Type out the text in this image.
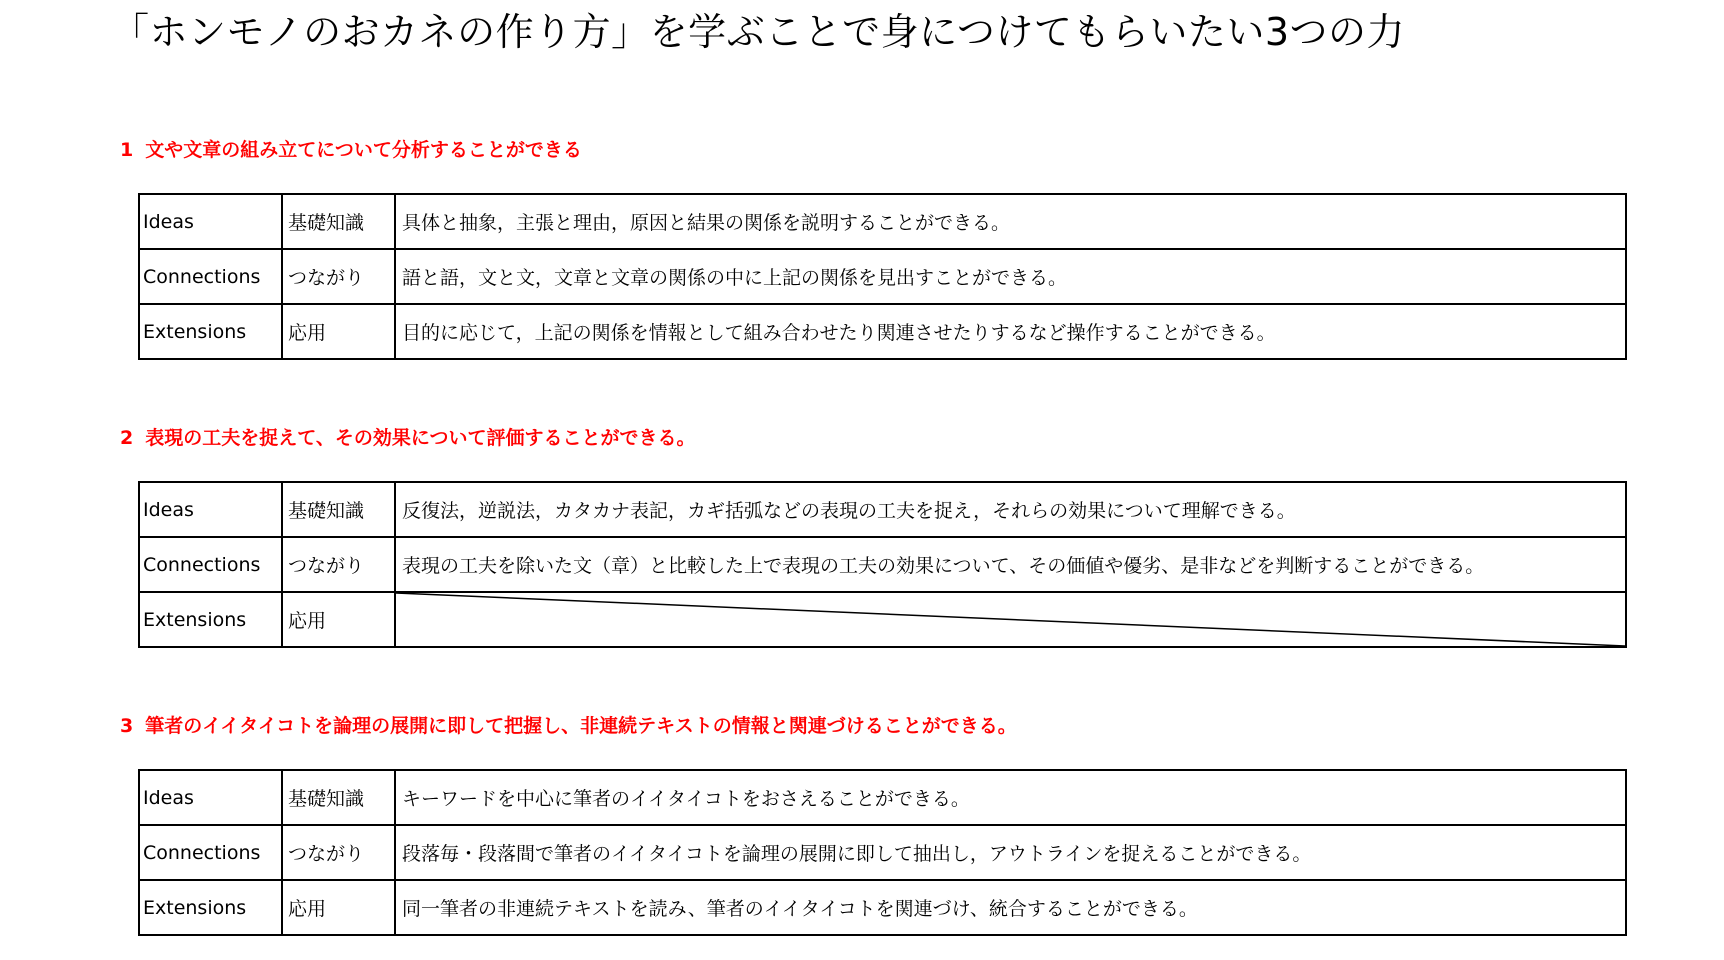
「ホンモノのおカネの作り方」を学ぶことで身につけてもらいたい3つの力
1 文や文章の組み立てについて分析することができる
Ideas	基礎知識	具体と抽象，主張と理由，原因と結果の関係を説明することができる。
Connections	つながり	語と語，文と文，文章と文章の関係の中に上記の関係を見出すことができる。
Extensions	応用	目的に応じて，上記の関係を情報として組み合わせたり関連させたりするなど操作することができる。
2 表現の工夫を捉えて、その効果について評価することができる。
Ideas	基礎知識	反復法，逆説法，カタカナ表記，カギ括弧などの表現の工夫を捉え，それらの効果について理解できる。
Connections	つながり	表現の工夫を除いた文（章）と比較した上で表現の工夫の効果について、その価値や優劣、是非などを判断することができる。
Extensions	応用	
3 筆者のイイタイコトを論理の展開に即して把握し、非連続テキストの情報と関連づけることができる。
Ideas	基礎知識	キーワードを中心に筆者のイイタイコトをおさえることができる。
Connections	つながり	段落毎・段落間で筆者のイイタイコトを論理の展開に即して抽出し，アウトラインを捉えることができる。
Extensions	応用	同一筆者の非連続テキストを読み、筆者のイイタイコトを関連づけ、統合することができる。
